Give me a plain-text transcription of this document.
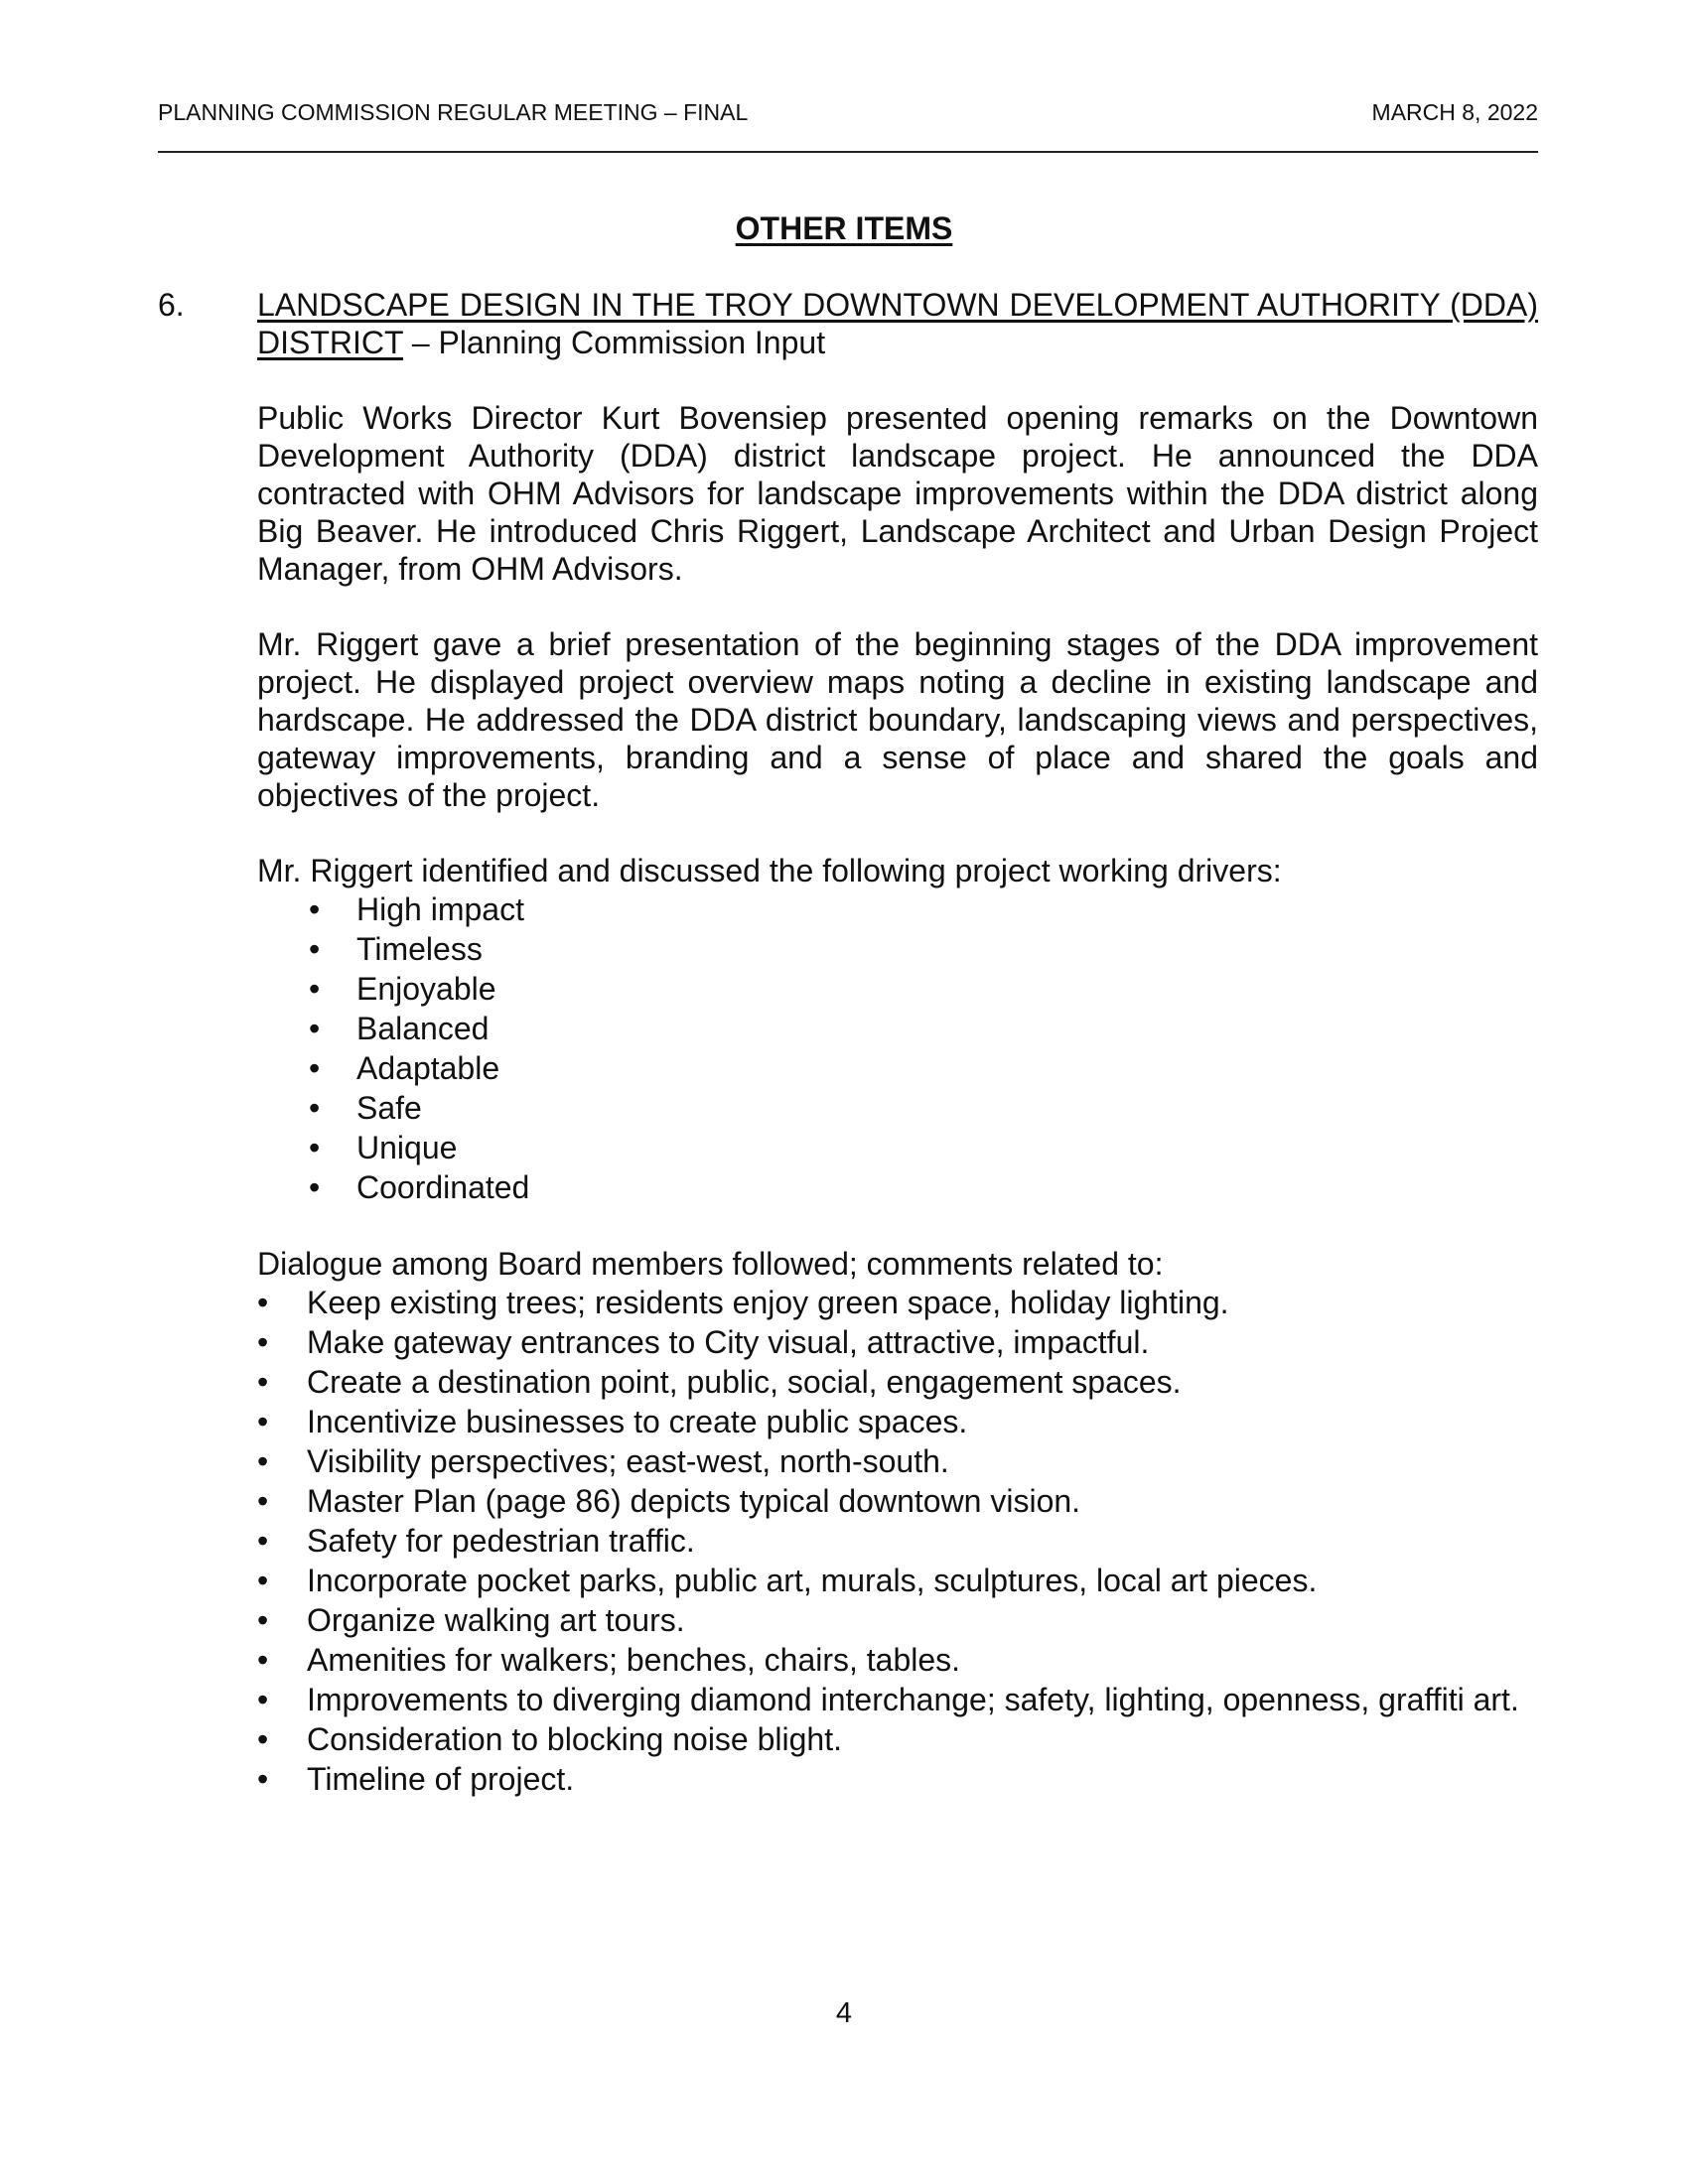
PLANNING COMMISSION REGULAR MEETING – FINAL	MARCH 8, 2022
OTHER ITEMS
6. LANDSCAPE DESIGN IN THE TROY DOWNTOWN DEVELOPMENT AUTHORITY (DDA) DISTRICT – Planning Commission Input
Public Works Director Kurt Bovensiep presented opening remarks on the Downtown Development Authority (DDA) district landscape project. He announced the DDA contracted with OHM Advisors for landscape improvements within the DDA district along Big Beaver. He introduced Chris Riggert, Landscape Architect and Urban Design Project Manager, from OHM Advisors.
Mr. Riggert gave a brief presentation of the beginning stages of the DDA improvement project. He displayed project overview maps noting a decline in existing landscape and hardscape. He addressed the DDA district boundary, landscaping views and perspectives, gateway improvements, branding and a sense of place and shared the goals and objectives of the project.
Mr. Riggert identified and discussed the following project working drivers:
• High impact
• Timeless
• Enjoyable
• Balanced
• Adaptable
• Safe
• Unique
• Coordinated
Dialogue among Board members followed; comments related to:
• Keep existing trees; residents enjoy green space, holiday lighting.
• Make gateway entrances to City visual, attractive, impactful.
• Create a destination point, public, social, engagement spaces.
• Incentivize businesses to create public spaces.
• Visibility perspectives; east-west, north-south.
• Master Plan (page 86) depicts typical downtown vision.
• Safety for pedestrian traffic.
• Incorporate pocket parks, public art, murals, sculptures, local art pieces.
• Organize walking art tours.
• Amenities for walkers; benches, chairs, tables.
• Improvements to diverging diamond interchange; safety, lighting, openness, graffiti art.
• Consideration to blocking noise blight.
• Timeline of project.
4
